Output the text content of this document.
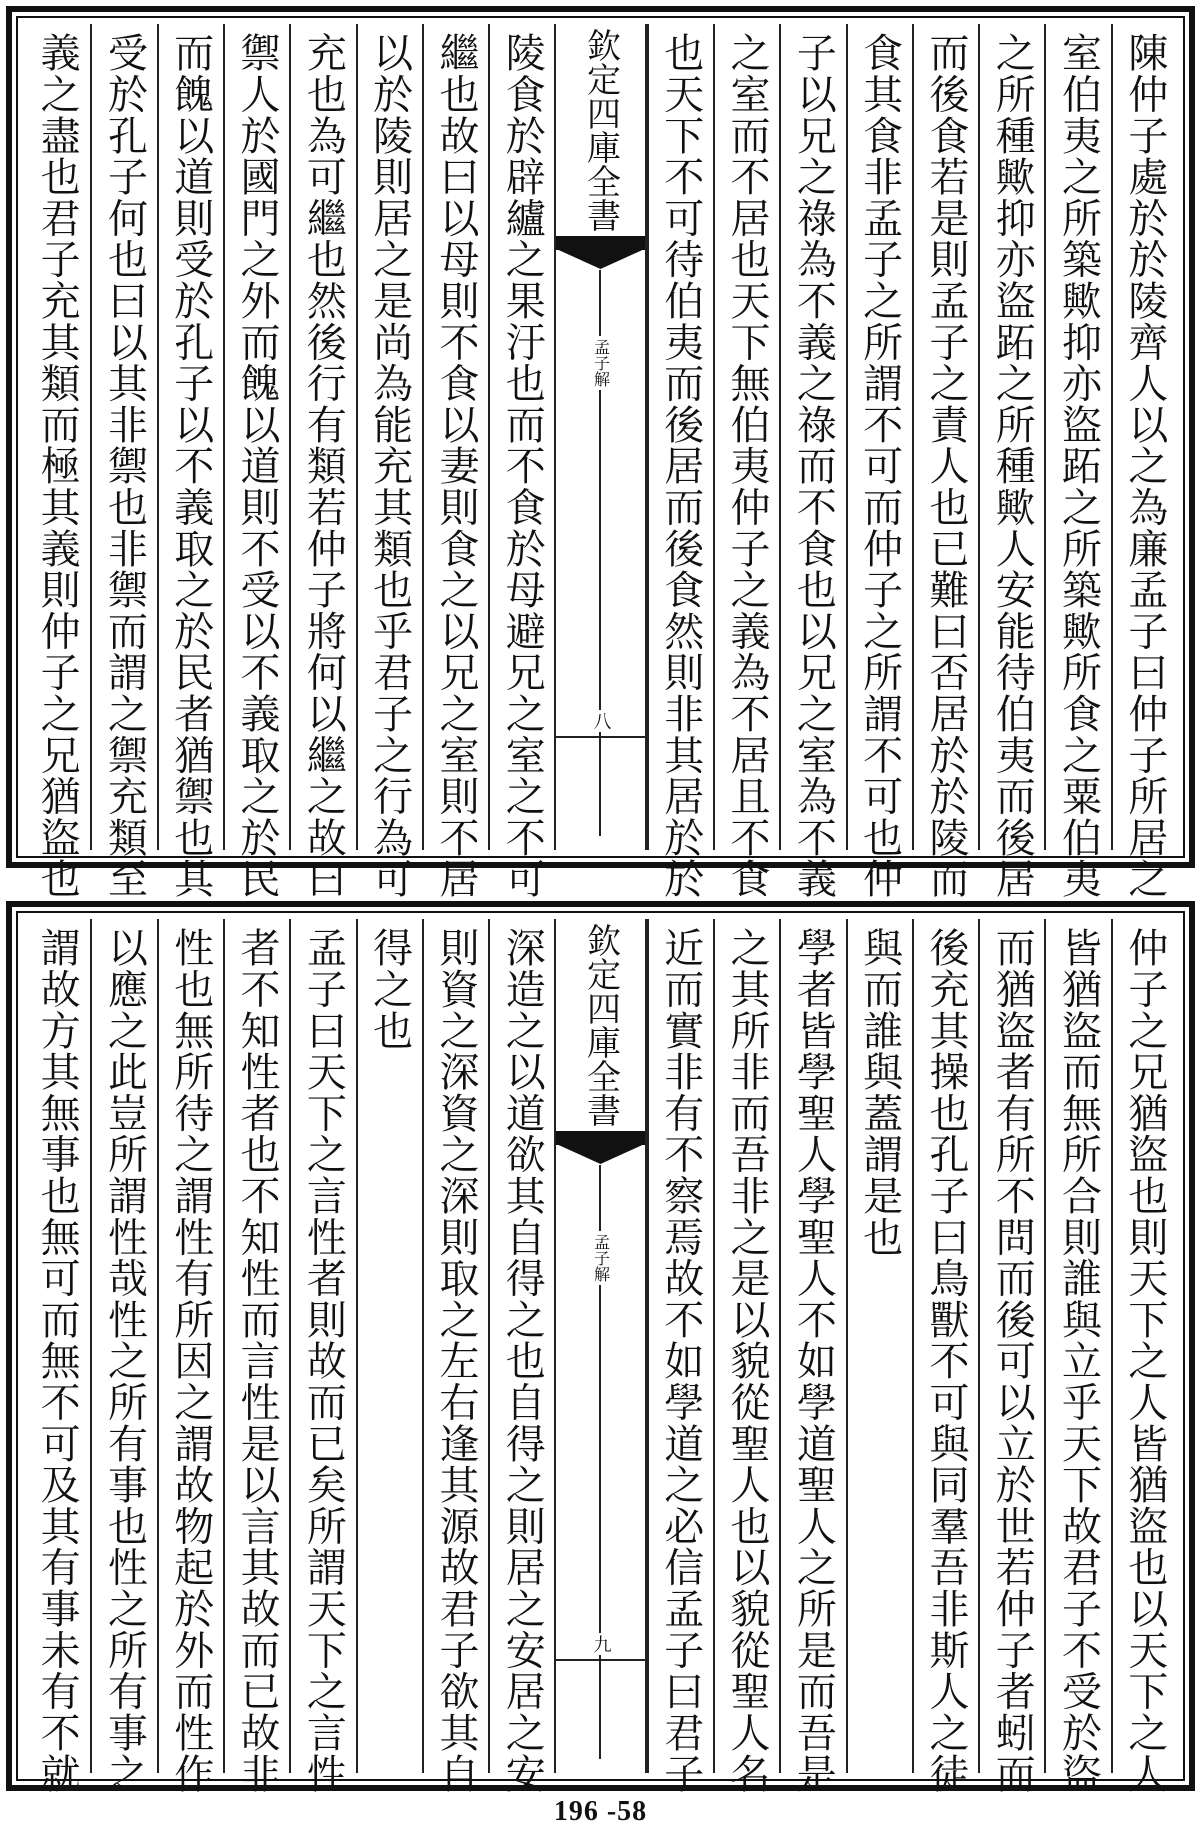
陳仲子處於於陵齊人以之為廉孟子曰仲子所居之
室伯夷之所築歟抑亦盜跖之所築歟所食之粟伯夷
之所種歟抑亦盜跖之所種歟人安能待伯夷而後居
而後食若是則孟子之責人也已難曰否居於於陵而
食其食非孟子之所謂不可而仲子之所謂不可也仲
子以兄之祿為不義之祿而不食也以兄之室為不義
之室而不居也天下無伯夷仲子之義為不居且不食
也天下不可待伯夷而後居而後食然則非其居於於
欽定四庫全書
孟子解
八
陵食於辟纑之果汙也而不食於母避兄之室之不可
繼也故曰以母則不食以妻則食之以兄之室則不居
以於陵則居之是尚為能充其類也乎君子之行為可
充也為可繼也然後行有類若仲子將何以繼之故曰
禦人於國門之外而餽以道則不受以不義取之於民
而餽以道則受於孔子以不義取之於民者猶禦也其
受於孔子何也曰以其非禦也非禦而謂之禦充類至
義之盡也君子充其類而極其義則仲子之兄猶盜也
仲子之兄猶盜也則天下之人皆猶盜也以天下之人
皆猶盜而無所合則誰與立乎天下故君子不受於盜
而猶盜者有所不問而後可以立於世若仲子者蚓而
後充其操也孔子曰鳥獸不可與同羣吾非斯人之徒
與而誰與蓋謂是也
學者皆學聖人學聖人不如學道聖人之所是而吾是
之其所非而吾非之是以貌從聖人也以貌從聖人名
近而實非有不察焉故不如學道之必信孟子曰君子
欽定四庫全書
孟子解
九
深造之以道欲其自得之也自得之則居之安居之安
則資之深資之深則取之左右逢其源故君子欲其自
得之也
孟子曰天下之言性者則故而已矣所謂天下之言性
者不知性者也不知性而言性是以言其故而已故非
性也無所待之謂性有所因之謂故物起於外而性作
以應之此豈所謂性哉性之所有事也性之所有事之
謂故方其無事也無可而無不可及其有事未有不就
196 -58
